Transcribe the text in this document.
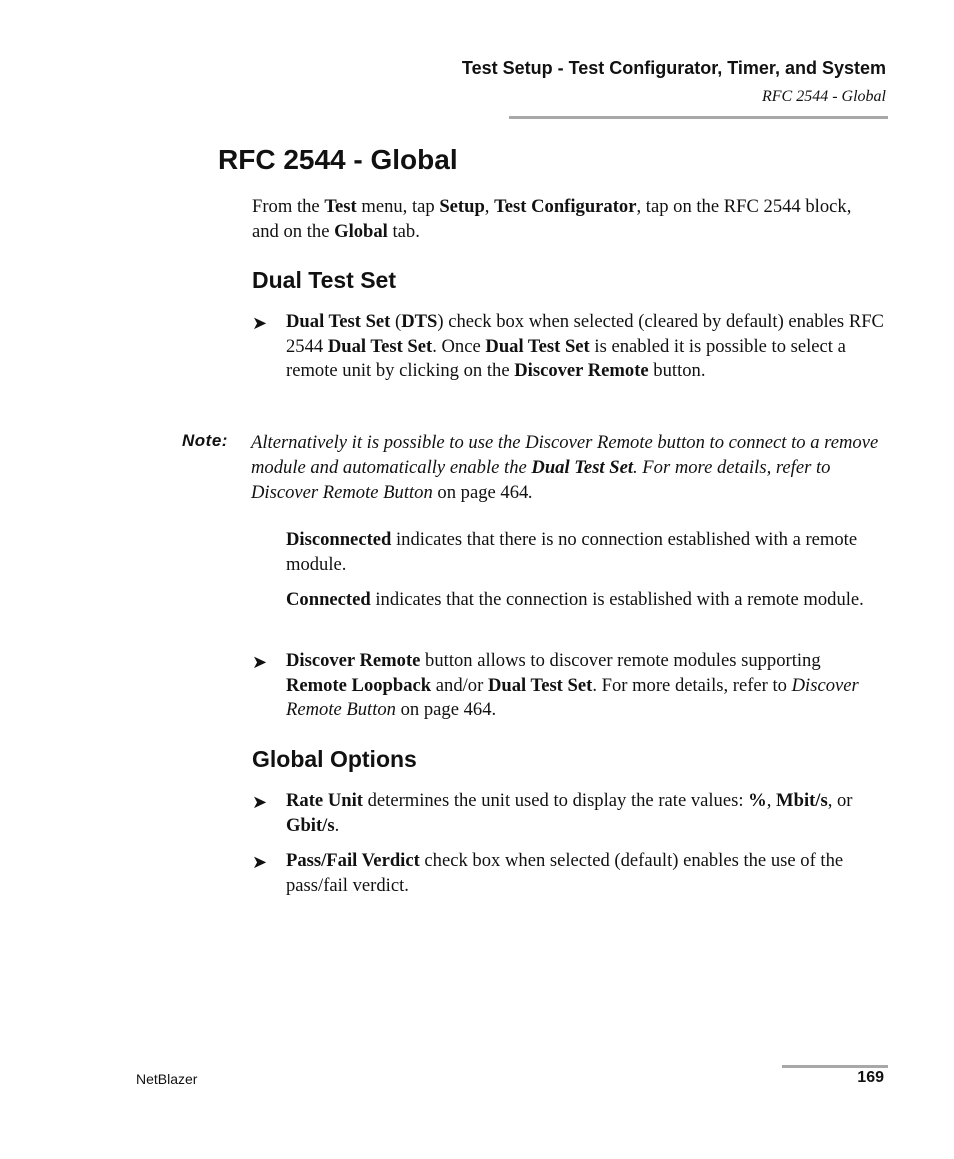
Test Setup - Test Configurator, Timer, and System
RFC 2544 - Global
RFC 2544 - Global

From the Test menu, tap Setup, Test Configurator, tap on the RFC 2544 block, and on the Global tab.

Dual Test Set
➤ Dual Test Set (DTS) check box when selected (cleared by default) enables RFC 2544 Dual Test Set. Once Dual Test Set is enabled it is possible to select a remote unit by clicking on the Discover Remote button.

Note: Alternatively it is possible to use the Discover Remote button to connect to a remove module and automatically enable the Dual Test Set. For more details, refer to Discover Remote Button on page 464.

Disconnected indicates that there is no connection established with a remote module.

Connected indicates that the connection is established with a remote module.

➤ Discover Remote button allows to discover remote modules supporting Remote Loopback and/or Dual Test Set. For more details, refer to Discover Remote Button on page 464.

Global Options
➤ Rate Unit determines the unit used to display the rate values: %, Mbit/s, or Gbit/s.

➤ Pass/Fail Verdict check box when selected (default) enables the use of the pass/fail verdict.

NetBlazer	169
